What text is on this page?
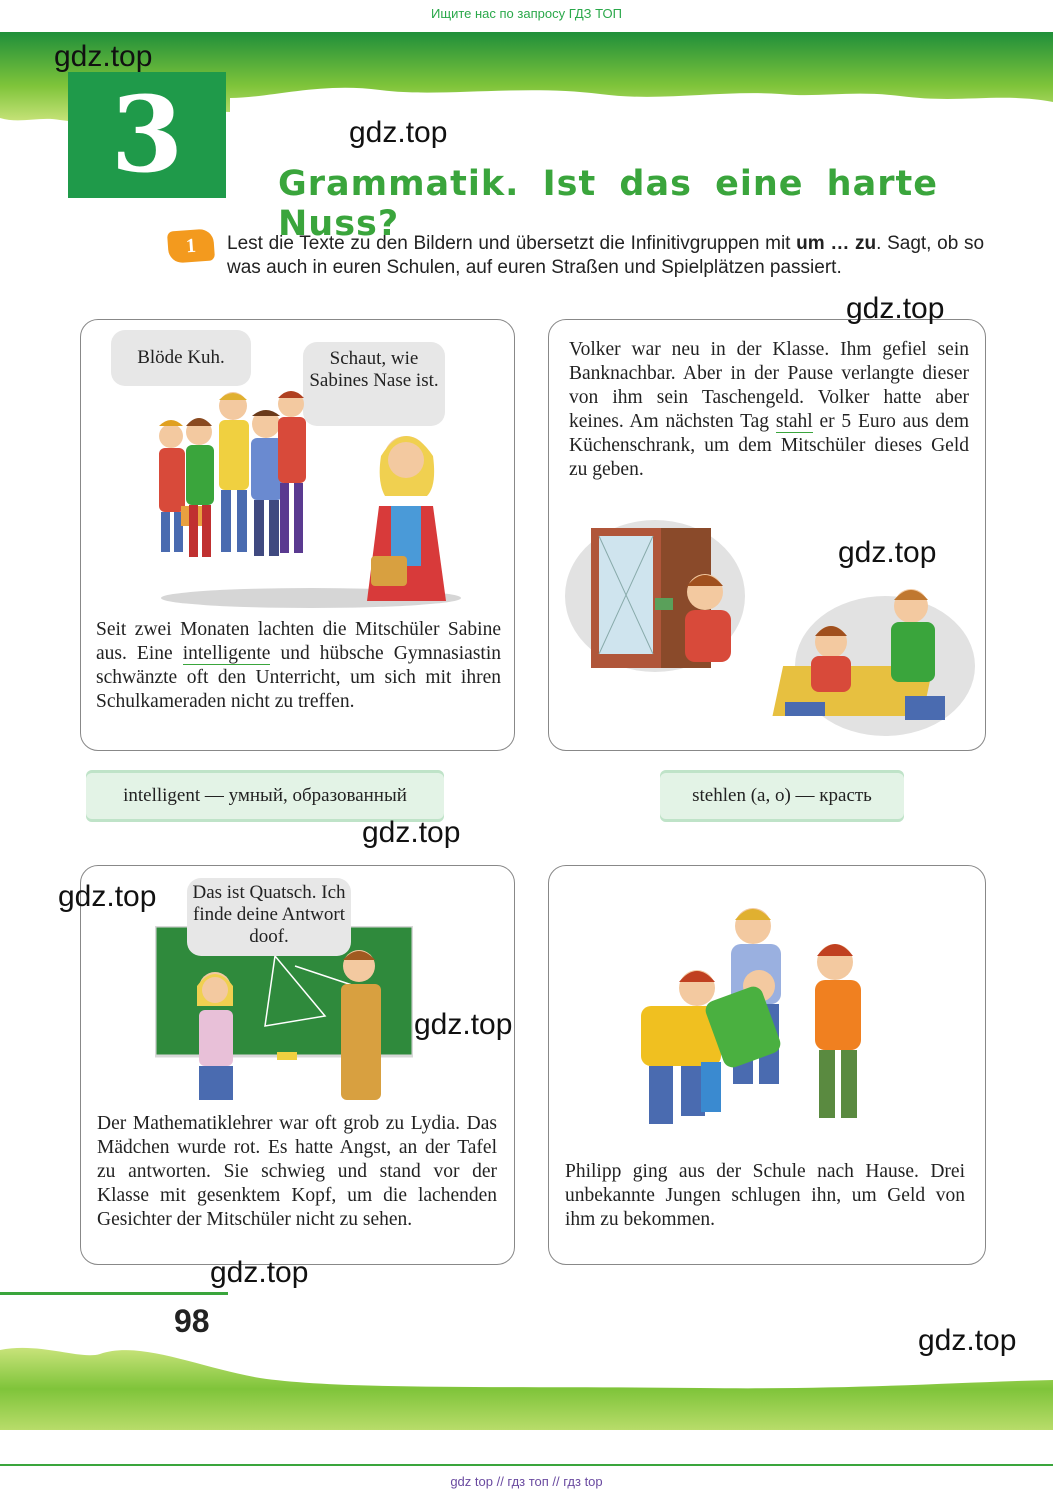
Ищите нас по запросу ГДЗ ТОП
3	Grammatik. Ist das eine harte Nuss?
gdz.top
gdz.top
gdz.top
gdz.top
gdz.top
gdz.top
gdz.top
gdz.top
gdz.top
1	Lest die Texte zu den Bildern und übersetzt die Infinitivgruppen mit um … zu. Sagt, ob so was auch in euren Schulen, auf euren Straßen und Spielplätzen passiert.
Blöde Kuh.	Schaut, wie Sabines Nase ist.
Seit zwei Monaten lachten die Mitschüler Sabine aus. Eine intelligente und hübsche Gymnasiastin schwänzte oft den Unterricht, um sich mit ihren Schulkameraden nicht zu treffen.
Volker war neu in der Klasse. Ihm gefiel sein Banknachbar. Aber in der Pause verlangte dieser von ihm sein Taschengeld. Volker hatte aber keines. Am nächsten Tag stahl er 5 Euro aus dem Küchenschrank, um dem Mitschüler dieses Geld zu geben.
intelligent — умный, образованный	stehlen (a, o) — красть
Das ist Quatsch. Ich finde deine Antwort doof.
Der Mathematiklehrer war oft grob zu Lydia. Das Mädchen wurde rot. Es hatte Angst, an der Tafel zu antworten. Sie schwieg und stand vor der Klasse mit gesenktem Kopf, um die lachenden Gesichter der Mitschüler nicht zu sehen.
Philipp ging aus der Schule nach Hause. Drei unbekannte Jungen schlugen ihn, um Geld von ihm zu bekommen.
98
gdz top // гдз топ // гдз top
